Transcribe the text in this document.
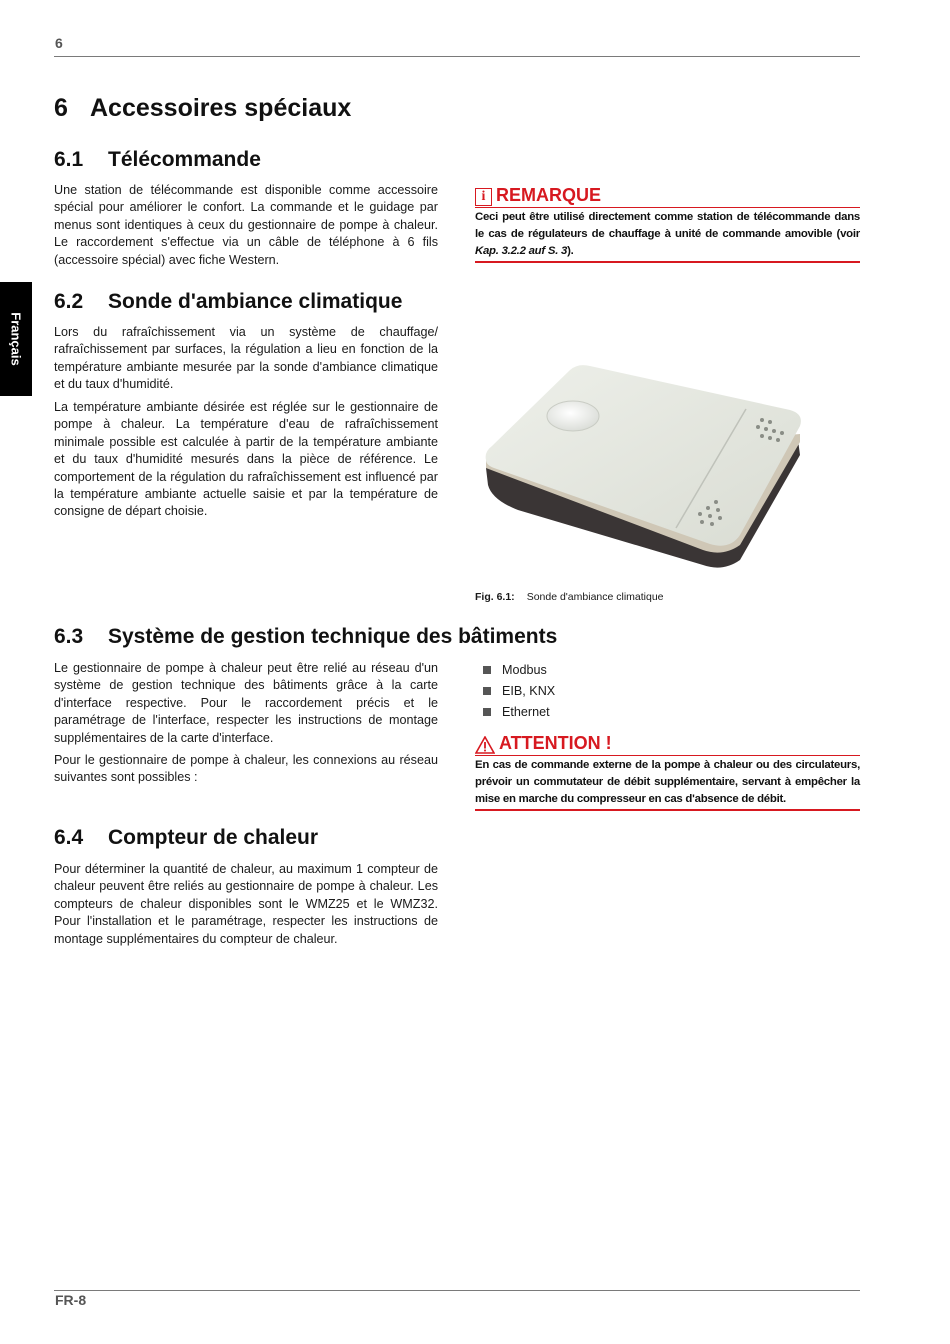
6
FR-8
Français
6 Accessoires spéciaux
6.1 Télécommande

Une station de télécommande est disponible comme accessoire spécial pour améliorer le confort. La commande et le guidage par menus sont identiques à ceux du gestionnaire de pompe à chaleur. Le raccordement s'effectue via un câble de téléphone à 6 fils (accessoire spécial) avec fiche Western.

i REMARQUE
Ceci peut être utilisé directement comme station de télécommande dans le cas de régulateurs de chauffage à unité de commande amovible (voir Kap. 3.2.2 auf S. 3).
6.2 Sonde d'ambiance climatique

Lors du rafraîchissement via un système de chauffage/ rafraîchissement par surfaces, la régulation a lieu en fonction de la température ambiante mesurée par la sonde d'ambiance climatique et du taux d'humidité.

La température ambiante désirée est réglée sur le gestionnaire de pompe à chaleur. La température d'eau de rafraîchissement minimale possible est calculée à partir de la température ambiante et du taux d'humidité mesurés dans la pièce de référence. Le comportement de la régulation du rafraîchissement est influencé par la température ambiante actuelle saisie et par la température de consigne de départ choisie.

Fig. 6.1: Sonde d'ambiance climatique
6.3 Système de gestion technique des bâtiments

Le gestionnaire de pompe à chaleur peut être relié au réseau d'un système de gestion technique des bâtiments grâce à la carte d'interface respective. Pour le raccordement précis et le paramétrage de l'interface, respecter les instructions de montage supplémentaires de la carte d'interface.

Pour le gestionnaire de pompe à chaleur, les connexions au réseau suivantes sont possibles :

Modbus
EIB, KNX
Ethernet
ATTENTION !
En cas de commande externe de la pompe à chaleur ou des circulateurs, prévoir un commutateur de débit supplémentaire, servant à empêcher la mise en marche du compresseur en cas d'absence de débit.
6.4 Compteur de chaleur

Pour déterminer la quantité de chaleur, au maximum 1 compteur de chaleur peuvent être reliés au gestionnaire de pompe à chaleur. Les compteurs de chaleur disponibles sont le WMZ25 et le WMZ32. Pour l'installation et le paramétrage, respecter les instructions de montage supplémentaires du compteur de chaleur.
